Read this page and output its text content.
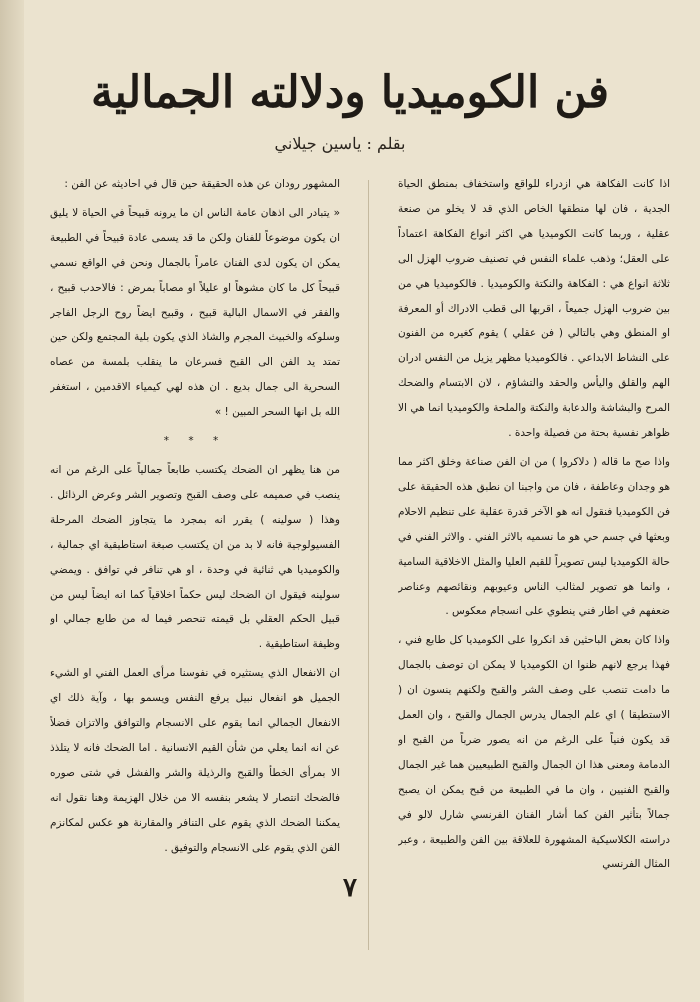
فن الكوميديا ودلالته الجمالية
بقلم : ياسين جيلاني

اذا كانت الفكاهة هي ازدراء للواقع واستخفاف بمنطق الحياة الجدية ، فان لها منطقها الخاص الذي قد لا يخلو من صنعة عقلية ، وربما كانت الكوميديا هي اكثر انواع الفكاهة اعتماداً على العقل؛ وذهب علماء النفس في تصنيف ضروب الهزل الى ثلاثة انواع هي : الفكاهة والنكتة والكوميديا . فالكوميديا هي من بين ضروب الهزل جميعاً ، اقربها الى قطب الادراك أو المعرفة او المنطق وهي بالتالي ( فن عقلي ) يقوم كغيره من الفنون على النشاط الابداعي . فالكوميديا مظهر يزيل من النفس ادران الهم والقلق واليأس والحقد والتشاؤم ، لان الابتسام والضحك المرح والبشاشة والدعابة والنكتة والملحة والكوميديا انما هي الا ظواهر نفسية بحتة من فصيلة واحدة .

واذا صح ما قاله ( دلاكروا ) من ان الفن صناعة وخلق اكثر مما هو وجدان وعاطفة ، فان من واجبنا ان نطبق هذه الحقيقة على فن الكوميديا فنقول انه هو الآخر قدرة عقلية على تنظيم الاحلام وبعثها في جسم حي هو ما نسميه بالاثر الفني . والاثر الفني في حالة الكوميديا ليس تصويراً للقيم العليا والمثل الاخلاقية السامية ، وانما هو تصوير لمثالب الناس وعيوبهم ونقائصهم وعناصر ضعفهم في اطار فني ينطوي على انسجام معكوس .

واذا كان بعض الباحثين قد انكروا على الكوميديا كل طابع فني ، فهذا يرجع لانهم ظنوا ان الكوميديا لا يمكن ان توصف بالجمال ما دامت تنصب على وصف الشر والقبح ولكنهم ينسون ان ( الاستطيقا ) اي علم الجمال يدرس الجمال والقبح ، وان العمل قد يكون فنياً على الرغم من انه يصور ضرباً من القبح او الدمامة ومعنى هذا ان الجمال والقبح الطبيعيين هما غير الجمال والقبح الفنيين ، وان ما في الطبيعة من قبح يمكن ان يصبح جمالاً بتأثير الفن كما أشار الفنان الفرنسي شارل لالو في دراسته الكلاسيكية المشهورة للعلاقة بين الفن والطبيعة ، وعبر المثال الفرنسي

المشهور رودان عن هذه الحقيقة حين قال في احاديثه عن الفن :

« يتبادر الى اذهان عامة الناس ان ما يرونه قبيحاً في الحياة لا يليق ان يكون موضوعاً للفنان ولكن ما قد يسمى عادة قبيحاً في الطبيعة يمكن ان يكون لدى الفنان عامراً بالجمال ونحن في الواقع نسمي قبيحاً كل ما كان مشوهاً او عليلاً او مصاباً بمرض : فالاحدب قبيح ، والفقر في الاسمال البالية قبيح ، وقبيح ايضاً روح الرجل الفاجر وسلوكه والخبيث المجرم والشاذ الذي يكون بلية المجتمع ولكن حين تمتد يد الفن الى القبح فسرعان ما ينقلب بلمسة من عصاه السحرية الى جمال بديع . ان هذه لهي كيمياء الاقدمين ، استغفر الله بل انها السحر المبين ! »

* * *

من هنا يظهر ان الضحك يكتسب طابعاً جمالياً على الرغم من انه ينصب في صميمه على وصف القبح وتصوير الشر وعرض الرذائل . وهذا ( سولينه ) يقرر انه بمجرد ما يتجاوز الضحك المرحلة الفسيولوجية فانه لا بد من ان يكتسب صبغة استاطيقية اي جمالية ، والكوميديا هي ثنائية في وحدة ، او هي تنافر في توافق . ويمضي سولينه فيقول ان الضحك ليس حكماً اخلاقياً كما انه ايضاً ليس من قبيل الحكم العقلي بل قيمته تنحصر فيما له من طابع جمالي او وظيفة استاطيقية .

ان الانفعال الذي يستثيره في نفوسنا مرأى العمل الفني او الشيء الجميل هو انفعال نبيل يرفع النفس ويسمو بها ، وآية ذلك اي الانفعال الجمالي انما يقوم على الانسجام والتوافق والاتزان فضلاً عن انه انما يعلي من شأن القيم الانسانية . اما الضحك فانه لا يتلذذ الا بمرأى الخطأ والقبح والرذيلة والشر والفشل في شتى صوره فالضحك انتصار لا يشعر بنفسه الا من خلال الهزيمة وهنا نقول انه يمكننا الضحك الذي يقوم على التنافر والمقارنة هو عكس لمكانزم الفن الذي يقوم على الانسجام والتوفيق .

٧
